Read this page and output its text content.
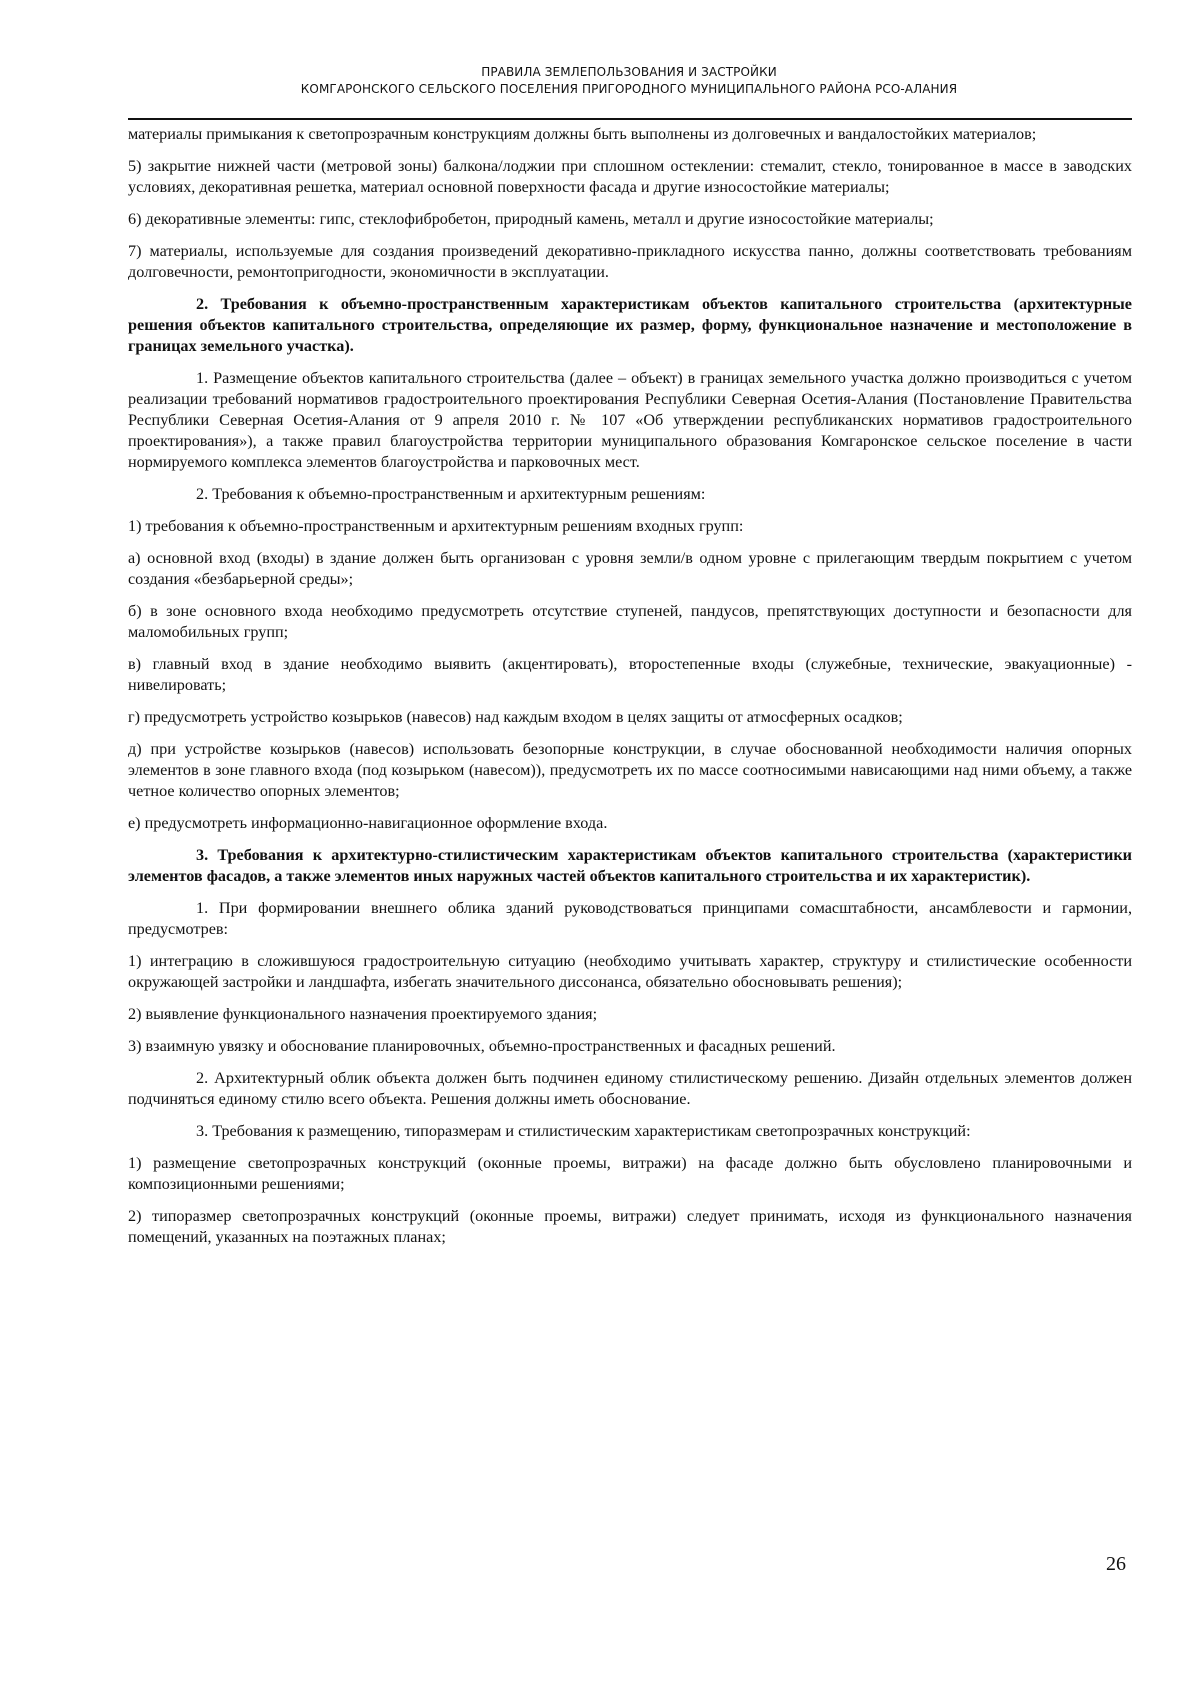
ПРАВИЛА ЗЕМЛЕПОЛЬЗОВАНИЯ И ЗАСТРОЙКИ
КОМГАРОНСКОГО СЕЛЬСКОГО ПОСЕЛЕНИЯ ПРИГОРОДНОГО МУНИЦИПАЛЬНОГО РАЙОНА РСО-АЛАНИЯ

материалы примыкания к светопрозрачным конструкциям должны быть выполнены из долговечных и вандалостойких материалов;

5) закрытие нижней части (метровой зоны) балкона/лоджии при сплошном остеклении: стемалит, стекло, тонированное в массе в заводских условиях, декоративная решетка, материал основной поверхности фасада и другие износостойкие материалы;

6) декоративные элементы: гипс, стеклофибробетон, природный камень, металл и другие износостойкие материалы;

7) материалы, используемые для создания произведений декоративно-прикладного искусства панно, должны соответствовать требованиям долговечности, ремонтопригодности, экономичности в эксплуатации.

2. Требования к объемно-пространственным характеристикам объектов капитального строительства (архитектурные решения объектов капитального строительства, определяющие их размер, форму, функциональное назначение и местоположение в границах земельного участка).

1. Размещение объектов капитального строительства (далее – объект) в границах земельного участка должно производиться с учетом реализации требований нормативов градостроительного проектирования Республики Северная Осетия-Алания (Постановление Правительства Республики Северная Осетия-Алания от 9 апреля 2010 г. № 107 «Об утверждении республиканских нормативов градостроительного проектирования»), а также правил благоустройства территории муниципального образования Комгаронское сельское поселение в части нормируемого комплекса элементов благоустройства и парковочных мест.

2. Требования к объемно-пространственным и архитектурным решениям:

1) требования к объемно-пространственным и архитектурным решениям входных групп:

а) основной вход (входы) в здание должен быть организован с уровня земли/в одном уровне с прилегающим твердым покрытием с учетом создания «безбарьерной среды»;

б) в зоне основного входа необходимо предусмотреть отсутствие ступеней, пандусов, препятствующих доступности и безопасности для маломобильных групп;

в) главный вход в здание необходимо выявить (акцентировать), второстепенные входы (служебные, технические, эвакуационные) - нивелировать;

г) предусмотреть устройство козырьков (навесов) над каждым входом в целях защиты от атмосферных осадков;

д) при устройстве козырьков (навесов) использовать безопорные конструкции, в случае обоснованной необходимости наличия опорных элементов в зоне главного входа (под козырьком (навесом)), предусмотреть их по массе соотносимыми нависающими над ними объему, а также четное количество опорных элементов;

е) предусмотреть информационно-навигационное оформление входа.

3. Требования к архитектурно-стилистическим характеристикам объектов капитального строительства (характеристики элементов фасадов, а также элементов иных наружных частей объектов капитального строительства и их характеристик).

1. При формировании внешнего облика зданий руководствоваться принципами сомасштабности, ансамблевости и гармонии, предусмотрев:

1) интеграцию в сложившуюся градостроительную ситуацию (необходимо учитывать характер, структуру и стилистические особенности окружающей застройки и ландшафта, избегать значительного диссонанса, обязательно обосновывать решения);

2) выявление функционального назначения проектируемого здания;

3) взаимную увязку и обоснование планировочных, объемно-пространственных и фасадных решений.

2. Архитектурный облик объекта должен быть подчинен единому стилистическому решению. Дизайн отдельных элементов должен подчиняться единому стилю всего объекта. Решения должны иметь обоснование.

3. Требования к размещению, типоразмерам и стилистическим характеристикам светопрозрачных конструкций:

1) размещение светопрозрачных конструкций (оконные проемы, витражи) на фасаде должно быть обусловлено планировочными и композиционными решениями;

2) типоразмер светопрозрачных конструкций (оконные проемы, витражи) следует принимать, исходя из функционального назначения помещений, указанных на поэтажных планах;

26
